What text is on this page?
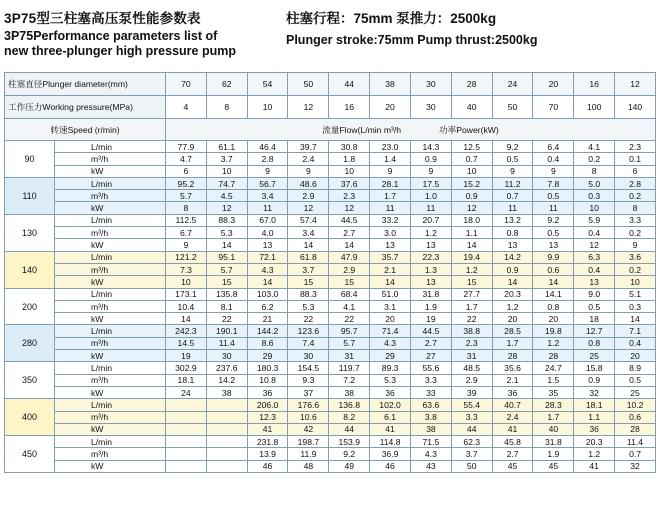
3P75型三柱塞高压泵性能参数表
3P75Performance parameters list of
new three-plunger high pressure pump
柱塞行程：75mm 泵推力：2500kg
Plunger stroke:75mm Pump thrust:2500kg
柱塞直径Plunger diameter(mm)		70	62	54	50	44	38	30	28	24	20	16	12
工作压力Working pressure(MPa)		4	8	10	12	16	20	30	40	50	70	100	140
转速Speed (r/min)		流量Flow(L/min m³/h 功率Power(kW)											
90	L/min	77.9	61.1	46.4	39.7	30.8	23.0	14.3	12.5	9.2	6.4	4.1	2.3
	m³/h	4.7	3.7	2.8	2.4	1.8	1.4	0.9	0.7	0.5	0.4	0.2	0.1
	kW	6	10	9	9	10	9	9	10	9	9	8	6
110	L/min	95.2	74.7	56.7	48.6	37.6	28.1	17.5	15.2	11.2	7.8	5.0	2.8
	m³/h	5.7	4.5	3.4	2.9	2.3	1.7	1.0	0.9	0.7	0.5	0.3	0.2
	kW	8	12	11	12	12	11	11	12	11	11	10	8
130	L/min	112.5	88.3	67.0	57.4	44.5	33.2	20.7	18.0	13.2	9.2	5.9	3.3
	m³/h	6.7	5.3	4.0	3.4	2.7	3.0	1.2	1.1	0.8	0.5	0.4	0.2
	kW	9	14	13	14	14	13	13	14	13	13	12	9
140	L/min	121.2	95.1	72.1	61.8	47.9	35.7	22.3	19.4	14.2	9.9	6.3	3.6
	m³/h	7.3	5.7	4.3	3.7	2.9	2.1	1.3	1.2	0.9	0.6	0.4	0.2
	kW	10	15	14	15	15	14	13	15	14	14	13	10
200	L/min	173.1	135.8	103.0	88.3	68.4	51.0	31.8	27.7	20.3	14.1	9.0	5.1
	m³/h	10.4	8.1	6.2	5.3	4.1	3.1	1.9	1.7	1.2	0.8	0.5	0.3
	kW	14	22	21	22	22	20	19	22	20	20	18	14
280	L/min	242.3	190.1	144.2	123.6	95.7	71.4	44.5	38.8	28.5	19.8	12.7	7.1
	m³/h	14.5	11.4	8.6	7.4	5.7	4.3	2.7	2.3	1.7	1.2	0.8	0.4
	kW	19	30	29	30	31	29	27	31	28	28	25	20
350	L/min	302.9	237.6	180.3	154.5	119.7	89.3	55.6	48.5	35.6	24.7	15.8	8.9
	m³/h	18.1	14.2	10.8	9.3	7.2	5.3	3.3	2.9	2.1	1.5	0.9	0.5
	kW	24	38	36	37	38	36	33	39	36	35	32	25
400	L/min			206.0	176.6	136.8	102.0	63.6	55.4	40.7	28.3	18.1	10.2
	m³/h			12.3	10.6	8.2	6.1	3.8	3.3	2.4	1.7	1.1	0.6
	kW			41	42	44	41	38	44	41	40	36	28
450	L/min			231.8	198.7	153.9	114.8	71.5	62.3	45.8	31.8	20.3	11.4
	m³/h			13.9	11.9	9.2	36.9	4.3	3.7	2.7	1.9	1.2	0.7
	kW			46	48	49	46	43	50	45	45	41	32
